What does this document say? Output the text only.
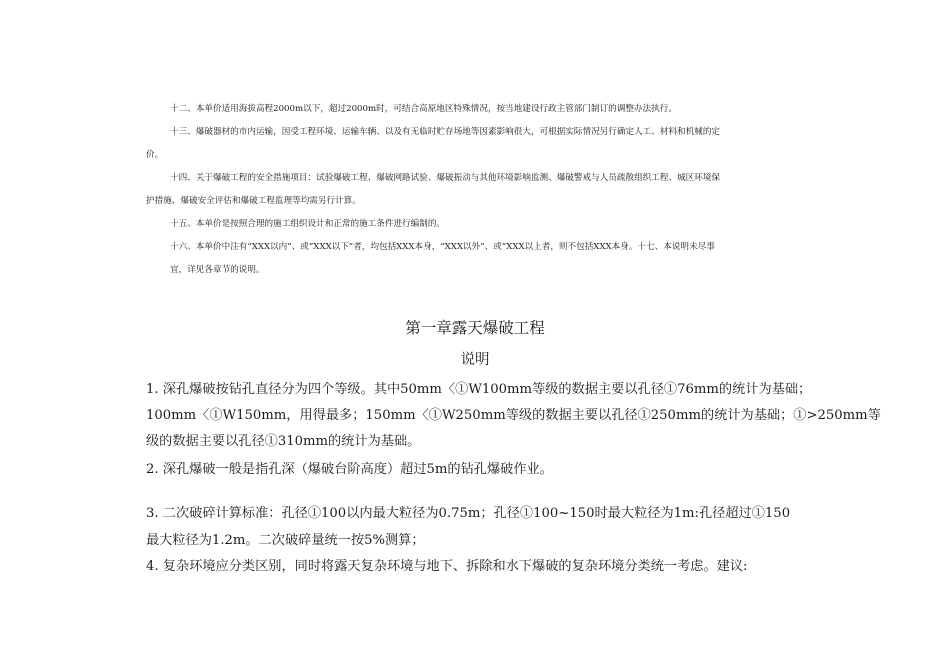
十二、本单价适用海拔高程2000m以下，超过2000m时，可结合高原地区特殊情况，按当地建设行政主管部门制订的调整办法执行。

十三、爆破器材的市内运输，因受工程环境、运输车辆、以及有无临时贮存场地等因素影响很大，可根据实际情况另行确定人工、材料和机械的定

价。

十四、关于爆破工程的安全措施项目：试验爆破工程、爆破网路试验、爆破振动与其他环境影响监测、爆破警戒与人员疏散组织工程、城区环境保

护措施、爆破安全评估和爆破工程监理等均需另行计算。

十五、本单价是按照合理的施工组织设计和正常的施工条件进行编制的。

十六、本单价中注有“XXX以内”、或“XXX以下”者，均包括XXX本身，“XXX以外”、或“XXX以上者，则不包括XXX本身。十七、本说明未尽事

宜，详见各章节的说明。

第一章露天爆破工程
说明

1. 深孔爆破按钻孔直径分为四个等级。其中50mm〈①W100mm等级的数据主要以孔径①76mm的统计为基础；

100mm〈①W150mm，用得最多；150mm〈①W250mm等级的数据主要以孔径①250mm的统计为基础；①>250mm等

级的数据主要以孔径①310mm的统计为基础。

2. 深孔爆破一般是指孔深（爆破台阶高度）超过5m的钻孔爆破作业。

3. 二次破碎计算标准：孔径①100以内最大粒径为0.75m；孔径①100~150时最大粒径为1m:孔径超过①150

最大粒径为1.2m。二次破碎量统一按5%测算；

4. 复杂环境应分类区别，同时将露天复杂环境与地下、拆除和水下爆破的复杂环境分类统一考虑。建议:
